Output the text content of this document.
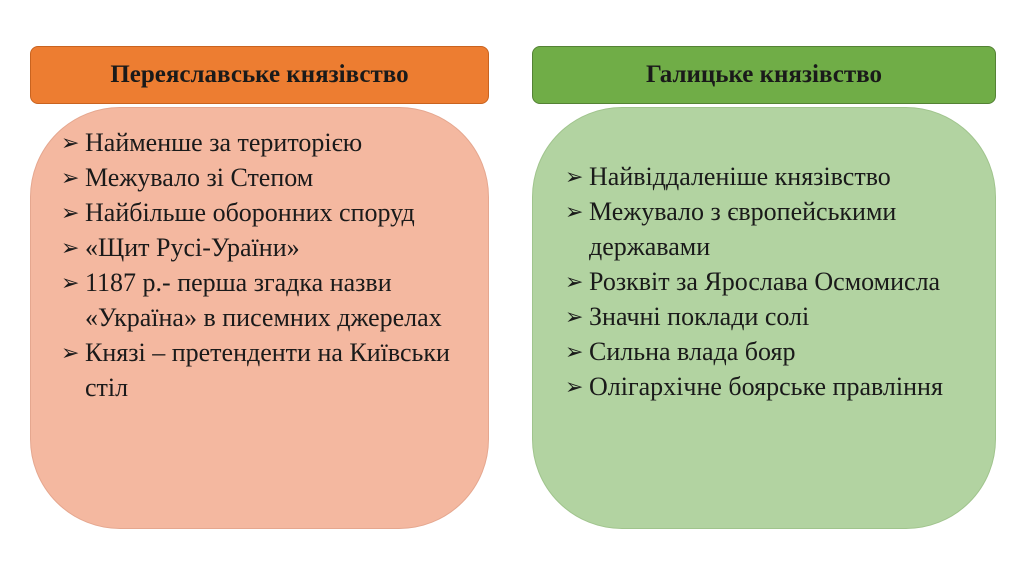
Переяславське князівство
➢ Найменше за територією
➢ Межувало зі Степом
➢ Найбільше оборонних споруд
➢ «Щит Русі-Ураїни»
➢ 1187 р.- перша згадка назви «Україна» в писемних джерелах
➢ Князі – претенденти на Київськи стіл
Галицьке князівство
➢ Найвіддаленіше князівство
➢ Межувало з європейськими державами
➢ Розквіт за Ярослава Осмомисла
➢ Значні поклади солі
➢ Сильна влада бояр
➢ Олігархічне боярське правління
